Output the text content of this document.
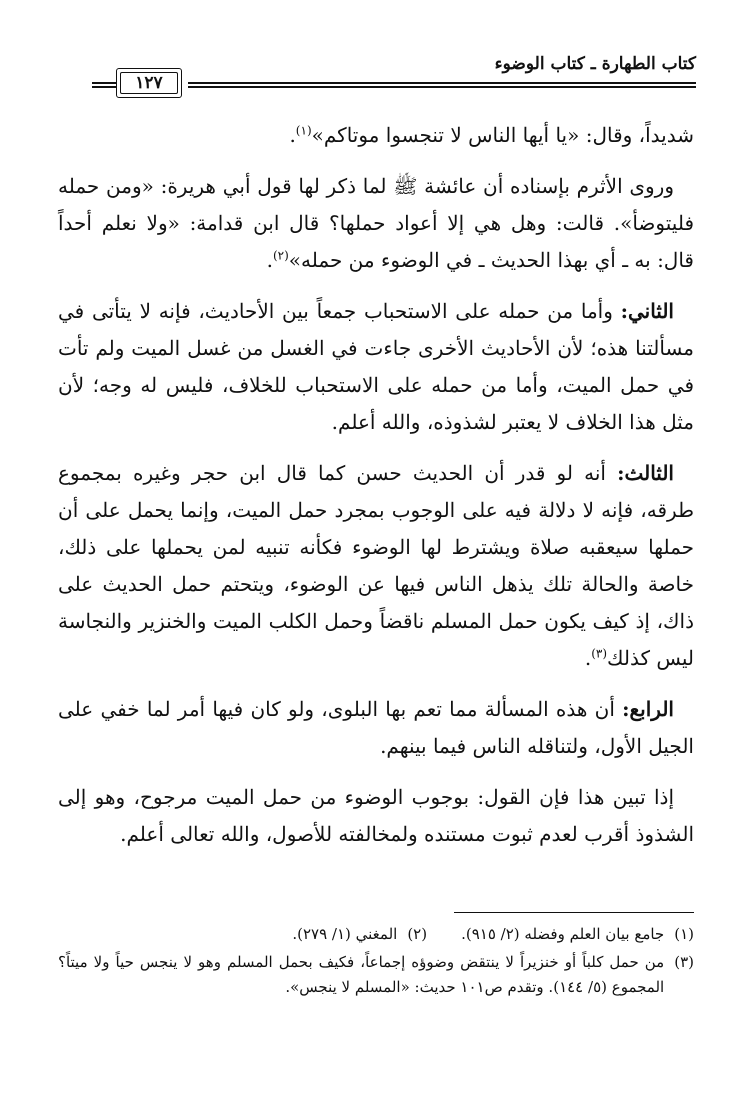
كتاب الطهارة ـ كتاب الوضوء
١٢٧

شديداً، وقال: «يا أيها الناس لا تنجسوا موتاكم»$^{(١)}$.

وروى الأثرم بإسناده أن عائشة ﷺ لما ذكر لها قول أبي هريرة: «ومن حمله فليتوضأ». قالت: وهل هي إلا أعواد حملها؟ قال ابن قدامة: «ولا نعلم أحداً قال: به ـ أي بهذا الحديث ـ في الوضوء من حمله»$^{(٢)}$.

الثاني: وأما من حمله على الاستحباب جمعاً بين الأحاديث، فإنه لا يتأتى في مسألتنا هذه؛ لأن الأحاديث الأخرى جاءت في الغسل من غسل الميت ولم تأت في حمل الميت، وأما من حمله على الاستحباب للخلاف، فليس له وجه؛ لأن مثل هذا الخلاف لا يعتبر لشذوذه، والله أعلم.

الثالث: أنه لو قدر أن الحديث حسن كما قال ابن حجر وغيره بمجموع طرقه، فإنه لا دلالة فيه على الوجوب بمجرد حمل الميت، وإنما يحمل على أن حملها سيعقبه صلاة ويشترط لها الوضوء فكأنه تنبيه لمن يحملها على ذلك، خاصة والحالة تلك يذهل الناس فيها عن الوضوء، ويتحتم حمل الحديث على ذاك، إذ كيف يكون حمل المسلم ناقضاً وحمل الكلب الميت والخنزير والنجاسة ليس كذلك$^{(٣)}$.

الرابع: أن هذه المسألة مما تعم بها البلوى، ولو كان فيها أمر لما خفي على الجيل الأول، ولتناقله الناس فيما بينهم.

إذا تبين هذا فإن القول: بوجوب الوضوء من حمل الميت مرجوح، وهو إلى الشذوذ أقرب لعدم ثبوت مستنده ولمخالفته للأصول، والله تعالى أعلم.

(١)
جامع بيان العلم وفضله (٢/ ٩١٥).
(٢)
المغني (١/ ٢٧٩).
(٣)
من حمل كلباً أو خنزيراً لا ينتقض وضوؤه إجماعاً، فكيف بحمل المسلم وهو لا ينجس حياً ولا ميتاً؟ المجموع (٥/ ١٤٤). وتقدم ص١٠١ حديث: «المسلم لا ينجس».
